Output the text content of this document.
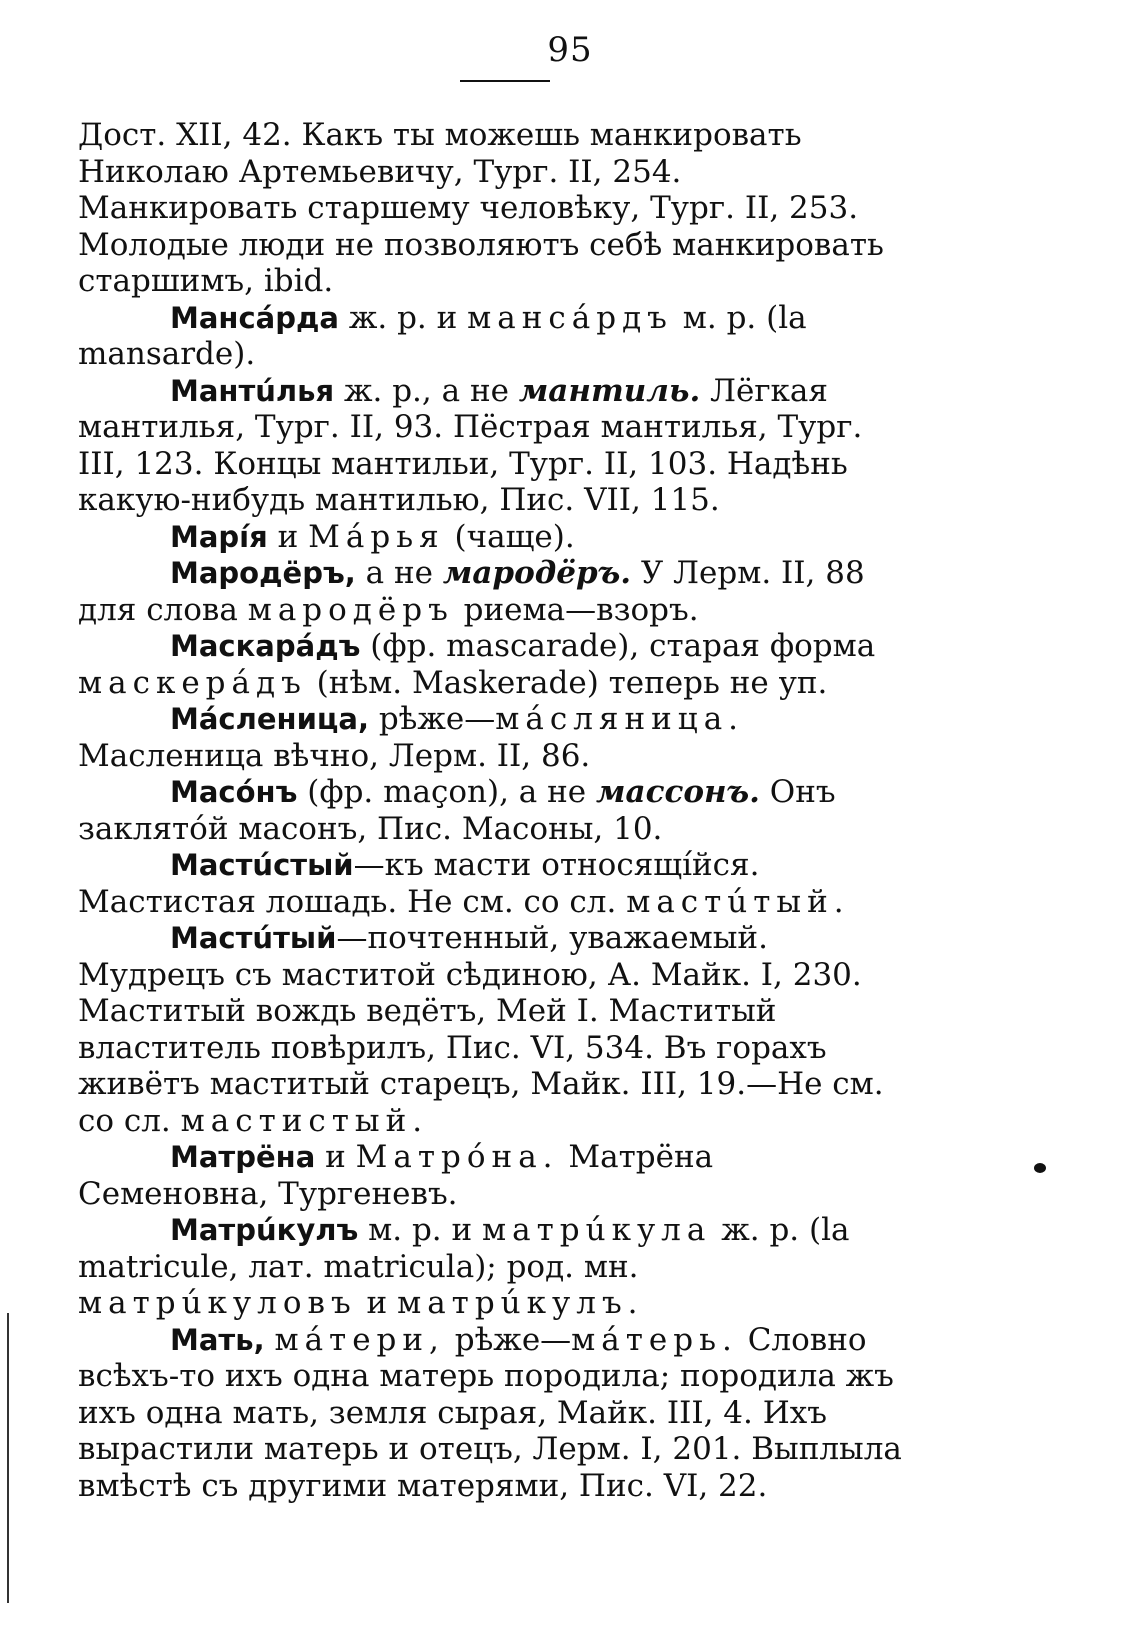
95

Дост. XII, 42. Какъ ты можешь манкировать Николаю Артемьевичу, Тург. II, 254. Манкировать старшему человѣку, Тург. II, 253. Молодые люди не позволяютъ себѣ манкировать старшимъ, ibid.

Мансáрда ж. р. и мансáрдъ м. р. (la mansarde).

Мантúлья ж. р., а не мантиль. Лёгкая мантилья, Тург. II, 93. Пёстрая мантилья, Тург. III, 123. Концы мантильи, Тург. II, 103. Надѣнь какую-нибудь мантилью, Пис. VII, 115.

Марíя и Мáрья (чаще).

Мародёръ, а не мародёръ. У Лерм. II, 88 для слова мародёръ риема—взоръ.

Маскарáдъ (фр. mascarade), старая форма маскерáдъ (нѣм. Maskerade) теперь не уп.

Мáсленица, рѣже—мáсляница. Масленица вѣчно, Лерм. II, 86.

Масóнъ (фр. maçon), а не массонъ. Онъ заклятóй масонъ, Пис. Масоны, 10.

Мастúстый—къ масти относящíйся. Мастистая лошадь. Не см. со сл. мастúтый.

Мастúтый—почтенный, уважаемый. Мудрецъ съ маститой сѣдиною, А. Майк. I, 230. Маститый вождь ведётъ, Мей I. Маститый властитель повѣрилъ, Пис. VI, 534. Въ горахъ живётъ маститый старецъ, Майк. III, 19.—Не см. со сл. мастистый.

Матрёна и Матрóна. Матрёна Семеновна, Тургеневъ.

Матрúкулъ м. р. и матрúкула ж. р. (la matricule, лат. matricula); род. мн. матрúкуловъ и матрúкулъ.

Мать, мáтери, рѣже—мáтерь. Словно всѣхъ-то ихъ одна матерь породила; породила жъ ихъ одна мать, земля сырая, Майк. III, 4. Ихъ вырастили матерь и отецъ, Лерм. I, 201. Выплыла вмѣстѣ съ другими матерями, Пис. VI, 22.
